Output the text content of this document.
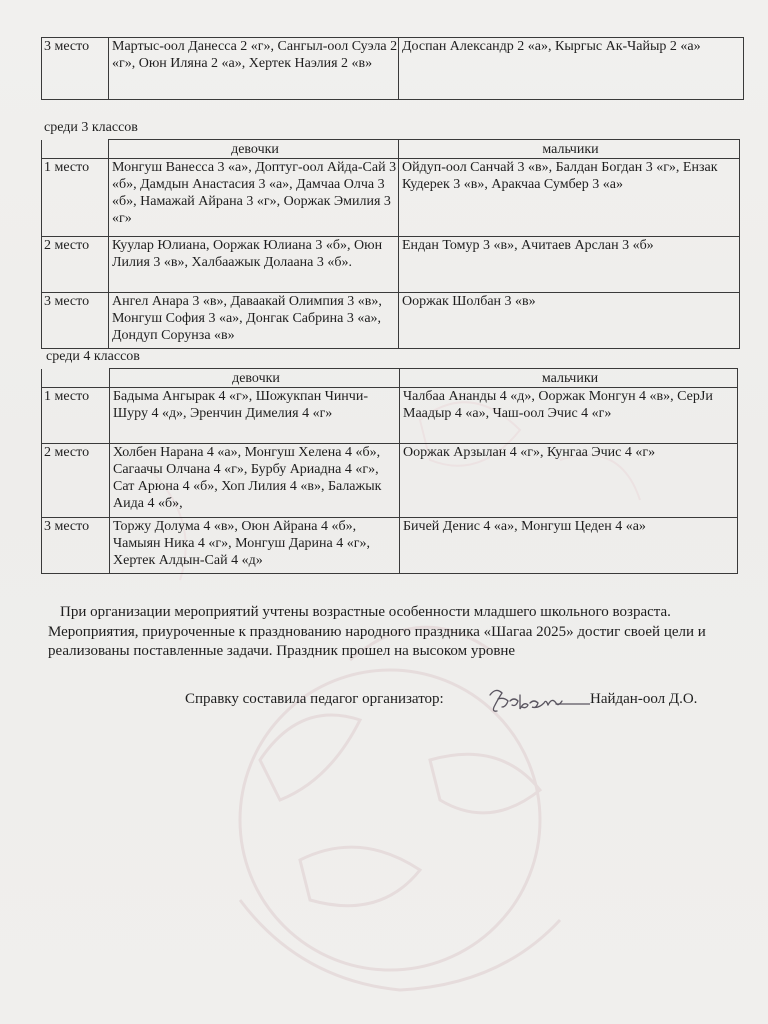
3 место	Мартыс-оол Данесса 2 «г», Сангыл-оол Суэла 2 «г», Оюн Иляна 2 «а», Хертек Наэлия 2 «в»	Доспан Александр 2 «а», Кыргыс Ак-Чайыр 2 «а»
среди 3 классов
	девочки	мальчики
1 место	Монгуш Ванесса 3 «а», Доптуг-оол Айда-Сай 3 «б», Дамдын Анастасия 3 «а», Дамчаа Олча 3 «б», Намажай Айрана 3 «г», Ооржак Эмилия 3 «г»	Ойдуп-оол Санчай 3 «в», Балдан Богдан 3 «г», Ензак Кудерек 3 «в», Аракчаа Сумбер 3 «а»
2 место	Куулар Юлиана, Ооржак Юлиана 3 «б», Оюн Лилия 3 «в», Халбаажык Долаана 3 «б».	Ендан Томур 3 «в», Ачитаев Арслан 3 «б»
3 место	Ангел Анара 3 «в», Даваакай Олимпия 3 «в», Монгуш София 3 «а», Донгак Сабрина 3 «а», Дондуп Сорунза «в»	Ооржак Шолбан 3 «в»
среди 4 классов
	девочки	мальчики
1 место	Бадыма Ангырак 4 «г», Шожукпан Чинчи-Шуру 4 «д», Эренчин Димелия 4 «г»	Чалбаа Ананды 4 «д», Ооржак Монгун 4 «в», СерJи Маадыр 4 «а», Чаш-оол Эчис 4 «г»
2 место	Холбен Нарана 4 «а», Монгуш Хелена 4 «б», Сагаачы Олчана 4 «г», Бурбу Ариадна 4 «г», Сат Арюна 4 «б», Хоп Лилия 4 «в», Балажык Аида 4 «б»,	Ооржак Арзылан 4 «г», Кунгаа Эчис 4 «г»
3 место	Торжу Долума 4 «в», Оюн Айрана 4 «б», Чамыян Ника 4 «г», Монгуш Дарина 4 «г», Хертек Алдын-Сай 4 «д»	Бичей Денис 4 «а», Монгуш Цеден 4 «а»

При организации мероприятий учтены возрастные особенности младшего школьного возраста. Мероприятия, приуроченные к празднованию народного праздника «Шагаа 2025» достиг своей цели и реализованы поставленные задачи. Праздник прошел на высоком уровне

Справку составила педагог организатор:	Найдан-оол Д.О.
